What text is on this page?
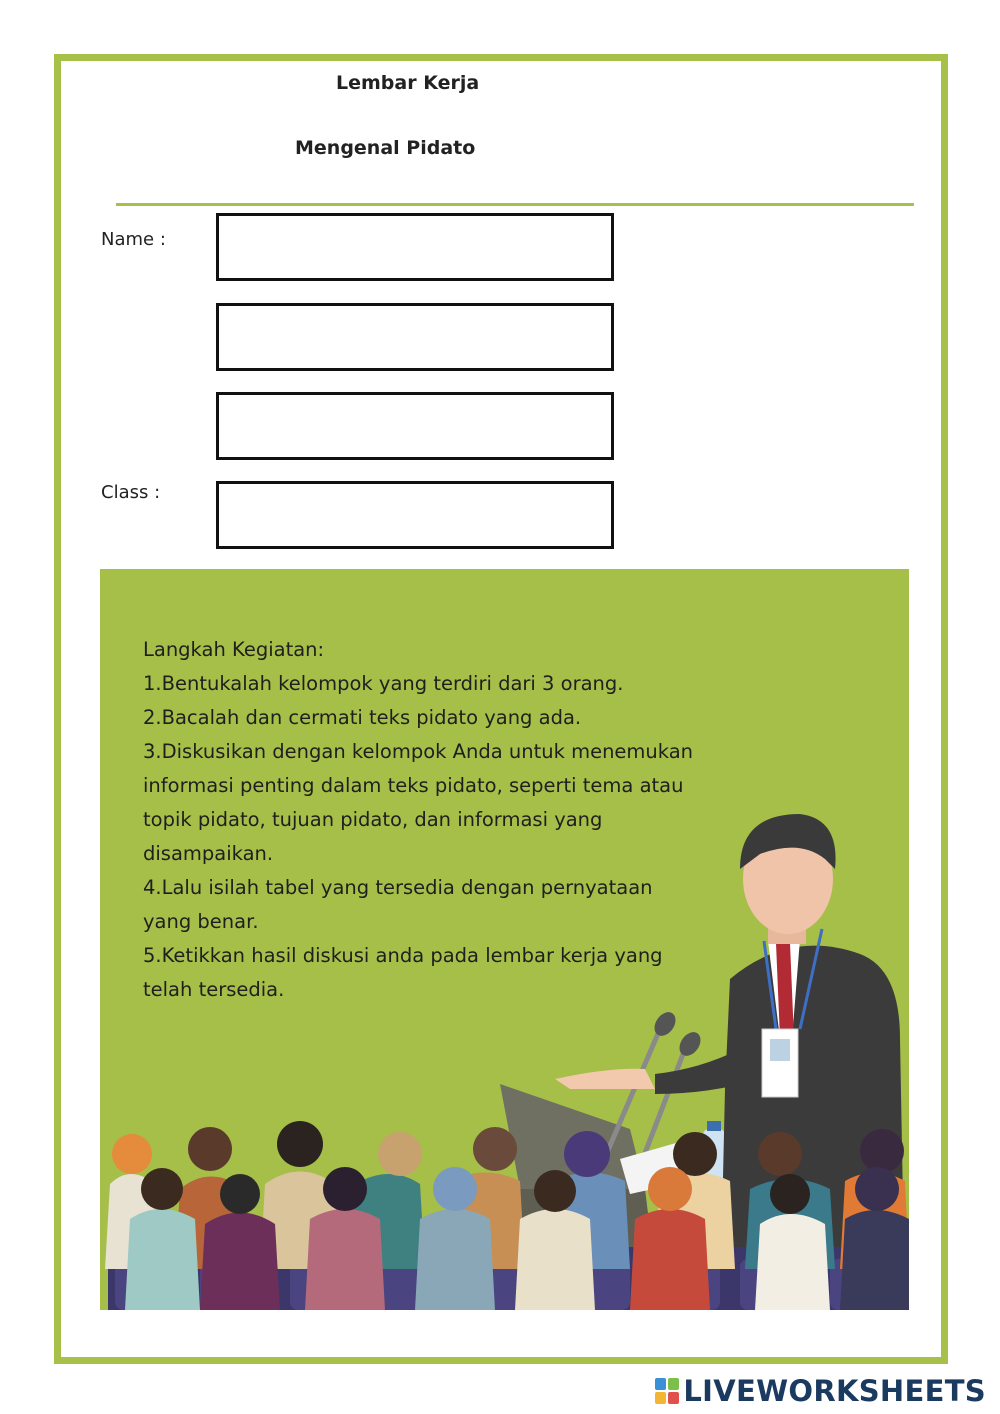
Lembar Kerja
Mengenal Pidato
Name :
Class :
Langkah Kegiatan:
1.Bentukalah kelompok yang terdiri dari 3 orang.
2.Bacalah dan cermati teks pidato yang ada.
3.Diskusikan dengan kelompok Anda untuk menemukan
informasi penting dalam teks pidato, seperti tema atau
topik pidato, tujuan pidato, dan informasi yang
disampaikan.
4.Lalu isilah tabel yang tersedia dengan pernyataan
yang benar.
5.Ketikkan hasil diskusi anda pada lembar kerja yang
telah tersedia.
LIVEWORKSHEETS
